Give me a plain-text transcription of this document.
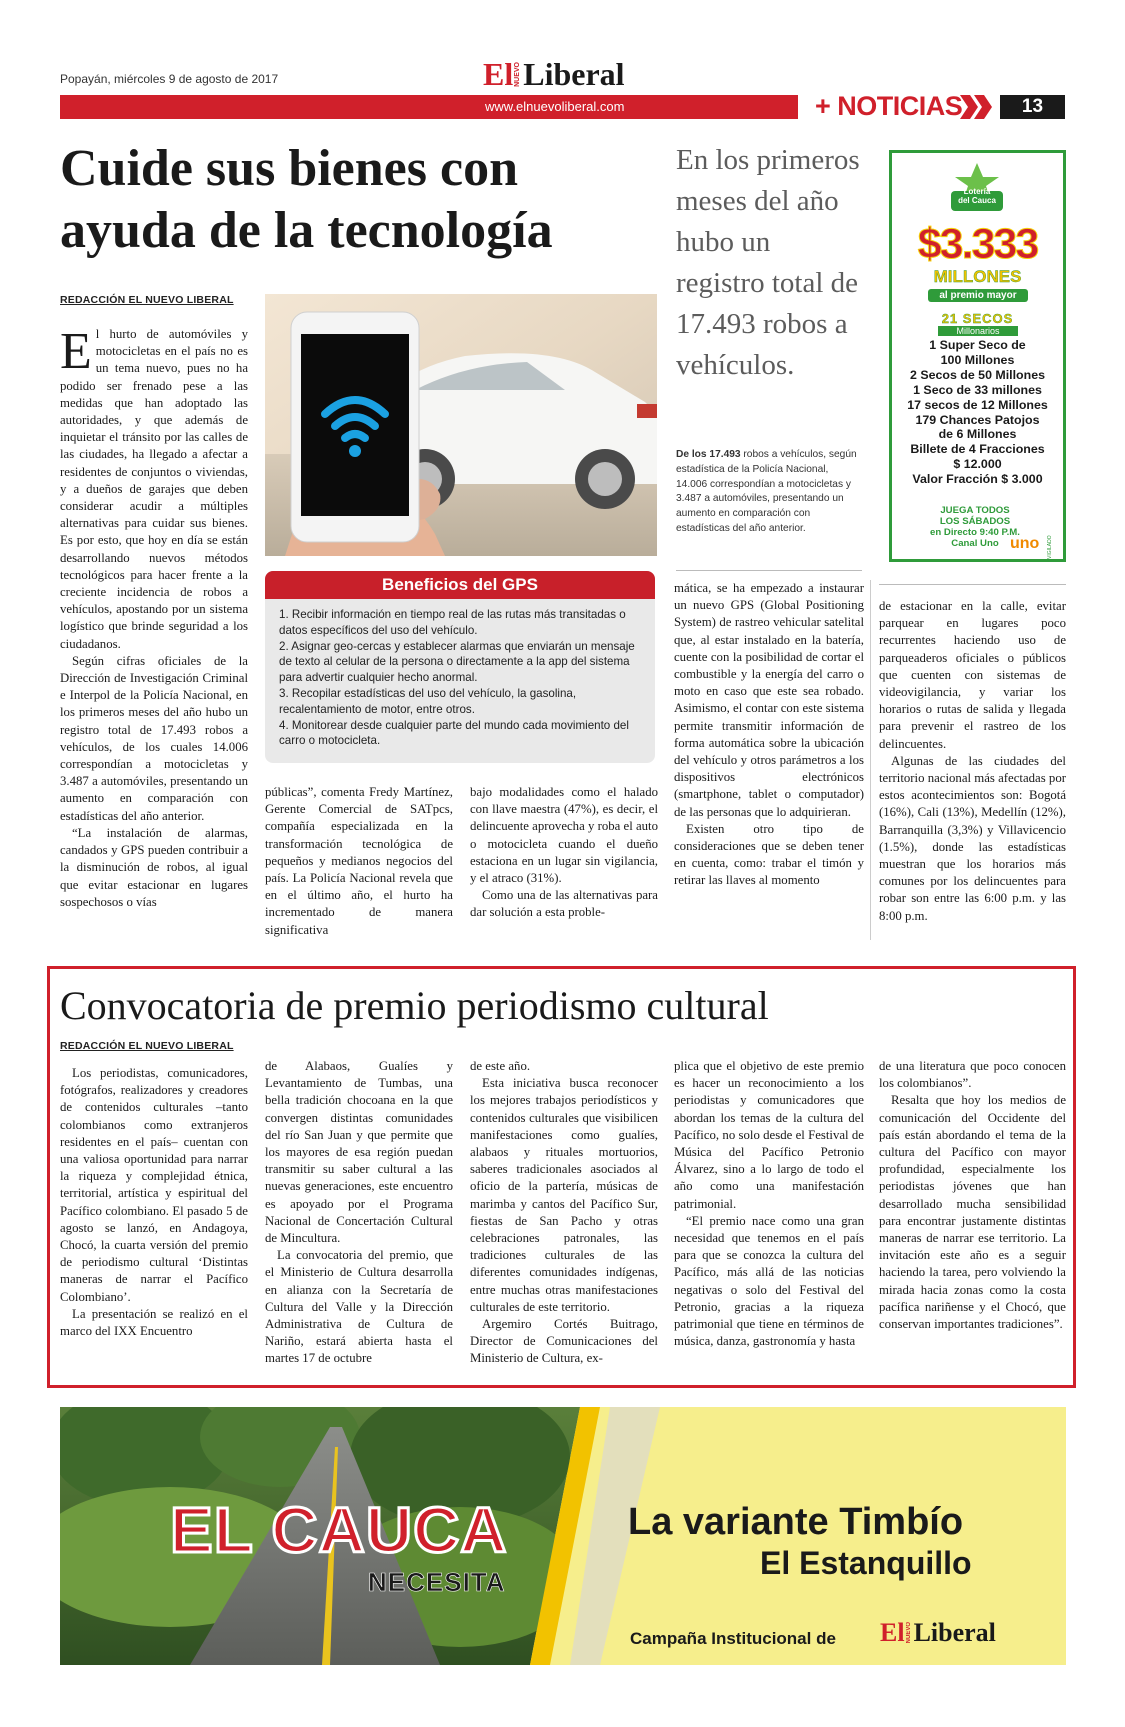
Popayán, miércoles 9 de agosto de 2017	El NUEVO Liberal
www.elnuevoliberal.com	+ NOTICIAS	13
Cuide sus bienes con
ayuda de la tecnología
REDACCIÓN EL NUEVO LIBERAL

El hurto de automóviles y motocicletas en el país no es un tema nuevo, pues no ha podido ser frenado pese a las medidas que han adoptado las autoridades, y que además de inquietar el tránsito por las calles de las ciudades, ha llegado a afectar a residentes de conjuntos o viviendas, y a dueños de garajes que deben considerar acudir a múltiples alternativas para cuidar sus bienes. Es por esto, que hoy en día se están desarrollando nuevos métodos tecnológicos para hacer frente a la creciente incidencia de robos a vehículos, apostando por un sistema logístico que brinde seguridad a los ciudadanos.

Según cifras oficiales de la Dirección de Investigación Criminal e Interpol de la Policía Nacional, en los primeros meses del año hubo un registro total de 17.493 robos a vehículos, de los cuales 14.006 correspondían a motocicletas y 3.487 a automóviles, presentando un aumento en comparación con estadísticas del año anterior.

“La instalación de alarmas, candados y GPS pueden contribuir a la disminución de robos, al igual que evitar estacionar en lugares sospechosos o vías

Beneficios del GPS
1. Recibir información en tiempo real de las rutas más transitadas o datos específicos del uso del vehículo.
2. Asignar geo-cercas y establecer alarmas que enviarán un mensaje de texto al celular de la persona o directamente a la app del sistema para advertir cualquier hecho anormal.
3. Recopilar estadísticas del uso del vehículo, la gasolina, recalentamiento de motor, entre otros.
4. Monitorear desde cualquier parte del mundo cada movimiento del carro o motocicleta.

públicas”, comenta Fredy Martínez, Gerente Comercial de SATpcs, compañía especializada en la transformación tecnológica de pequeños y medianos negocios del país. La Policía Nacional revela que en el último año, el hurto ha incrementado de manera significativa

bajo modalidades como el halado con llave maestra (47%), es decir, el delincuente aprovecha y roba el auto o motocicleta cuando el dueño estaciona en un lugar sin vigilancia, y el atraco (31%).

Como una de las alternativas para dar solución a esta proble-

En los primeros meses del año hubo un registro total de 17.493 robos a vehículos.
De los 17.493 robos a vehículos, según estadística de la Policía Nacional, 14.006 correspondían a motocicletas y 3.487 a automóviles, presentando un aumento en comparación con estadísticas del año anterior.

mática, se ha empezado a instaurar un nuevo GPS (Global Positioning System) de rastreo vehicular satelital que, al estar instalado en la batería, cuente con la posibilidad de cortar el combustible y la energía del carro o moto en caso que este sea robado. Asimismo, el contar con este sistema permite transmitir información de forma automática sobre la ubicación del vehículo y otros parámetros a los dispositivos electrónicos (smartphone, tablet o computador) de las personas que lo adquirieran.

Existen otro tipo de consideraciones que se deben tener en cuenta, como: trabar el timón y retirar las llaves al momento

de estacionar en la calle, evitar parquear en lugares poco recurrentes haciendo uso de parqueaderos oficiales o públicos que cuenten con sistemas de videovigilancia, y variar los horarios o rutas de salida y llegada para prevenir el rastreo de los delincuentes.

Algunas de las ciudades del territorio nacional más afectadas por estos acontecimientos son: Bogotá (16%), Cali (13%), Medellín (12%), Barranquilla (3,3%) y Villavicencio (1.5%), donde las estadísticas muestran que los horarios más comunes por los delincuentes para robar son entre las 6:00 p.m. y las 8:00 p.m.

Lotería
del Cauca
$3.333
MILLONES
al premio mayor
21 SECOS
Millonarios
1 Super Seco de
100 Millones
2 Secos de 50 Millones
1 Seco de 33 millones
17 secos de 12 Millones
179 Chances Patojos
de 6 Millones
Billete de 4 Fracciones
$ 12.000
Valor Fracción $ 3.000
JUEGA TODOS
LOS SÁBADOS
en Directo 9:40 P.M.
Canal Uno uno VIGILADO
Convocatoria de premio periodismo cultural
REDACCIÓN EL NUEVO LIBERAL

Los periodistas, comunicadores, fotógrafos, realizadores y creadores de contenidos culturales –tanto colombianos como extranjeros residentes en el país– cuentan con una valiosa oportunidad para narrar la riqueza y complejidad étnica, territorial, artística y espiritual del Pacífico colombiano. El pasado 5 de agosto se lanzó, en Andagoya, Chocó, la cuarta versión del premio de periodismo cultural ‘Distintas maneras de narrar el Pacífico Colombiano’.

La presentación se realizó en el marco del IXX Encuentro

de Alabaos, Gualíes y Levantamiento de Tumbas, una bella tradición chocoana en la que convergen distintas comunidades del río San Juan y que permite que los mayores de esa región puedan transmitir su saber cultural a las nuevas generaciones, este encuentro es apoyado por el Programa Nacional de Concertación Cultural de Mincultura.

La convocatoria del premio, que el Ministerio de Cultura desarrolla en alianza con la Secretaría de Cultura del Valle y la Dirección Administrativa de Cultura de Nariño, estará abierta hasta el martes 17 de octubre

de este año.

Esta iniciativa busca reconocer los mejores trabajos periodísticos y contenidos culturales que visibilicen manifestaciones como gualíes, alabaos y rituales mortuorios, saberes tradicionales asociados al oficio de la partería, músicas de marimba y cantos del Pacífico Sur, fiestas de San Pacho y otras celebraciones patronales, las tradiciones culturales de las diferentes comunidades indígenas, entre muchas otras manifestaciones culturales de este territorio.

Argemiro Cortés Buitrago, Director de Comunicaciones del Ministerio de Cultura, ex-

plica que el objetivo de este premio es hacer un reconocimiento a los periodistas y comunicadores que abordan los temas de la cultura del Pacífico, no solo desde el Festival de Música del Pacífico Petronio Álvarez, sino a lo largo de todo el año como una manifestación patrimonial.

“El premio nace como una gran necesidad que tenemos en el país para que se conozca la cultura del Pacífico, más allá de las noticias negativas o solo del Festival del Petronio, gracias a la riqueza patrimonial que tiene en términos de música, danza, gastronomía y hasta

de una literatura que poco conocen los colombianos”.

Resalta que hoy los medios de comunicación del Occidente del país están abordando el tema de la cultura del Pacífico con mayor profundidad, especialmente los periodistas jóvenes que han desarrollado mucha sensibilidad para encontrar justamente distintas maneras de narrar ese territorio. La invitación este año es a seguir haciendo la tarea, pero volviendo la mirada hacia zonas como la costa pacífica nariñense y el Chocó, que conservan importantes tradiciones”.

EL CAUCA
NECESITA
La variante Timbío
El Estanquillo
Campaña Institucional de El NUEVO Liberal
